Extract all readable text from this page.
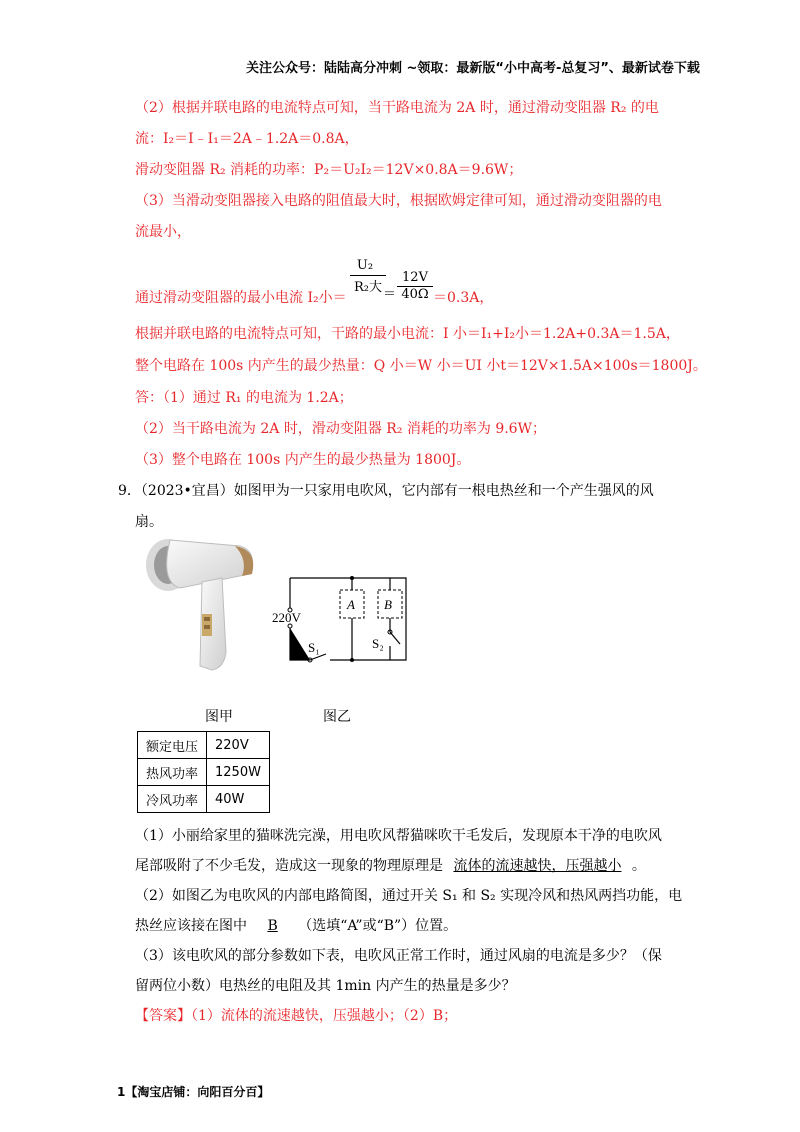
关注公众号：陆陆高分冲刺 ~领取：最新版“小中高考-总复习”、最新试卷下载
（2）根据并联电路的电流特点可知，当干路电流为 2A 时，通过滑动变阻器 R₂ 的电
流：I₂＝I﹣I₁＝2A﹣1.2A＝0.8A，
滑动变阻器 R₂ 消耗的功率：P₂＝U₂I₂＝12V×0.8A＝9.6W；
（3）当滑动变阻器接入电路的阻值最大时，根据欧姆定律可知，通过滑动变阻器的电
流最小，
通过滑动变阻器的最小电流 I₂小＝
U₂
R₂大 ＝
12V
40Ω ＝0.3A，
根据并联电路的电流特点可知，干路的最小电流：I 小＝I₁+I₂小＝1.2A+0.3A＝1.5A，
整个电路在 100s 内产生的最少热量：Q 小＝W 小＝UI 小t＝12V×1.5A×100s＝1800J。
答：（1）通过 R₁ 的电流为 1.2A；
（2）当干路电流为 2A 时，滑动变阻器 R₂ 消耗的功率为 9.6W；
（3）整个电路在 100s 内产生的最少热量为 1800J。
9．（2023•宜昌）如图甲为一只家用电吹风，它内部有一根电热丝和一个产生强风的风
扇。
220V
A B
S₁	S₂
图甲	图乙
额定电压	220V
热风功率	1250W
冷风功率	40W
（1）小丽给家里的猫咪洗完澡，用电吹风帮猫咪吹干毛发后，发现原本干净的电吹风
尾部吸附了不少毛发，造成这一现象的物理原理是 流体的流速越快，压强越小 。
（2）如图乙为电吹风的内部电路简图，通过开关 S₁ 和 S₂ 实现冷风和热风两挡功能，电
热丝应该接在图中 B （选填“A”或“B”）位置。
（3）该电吹风的部分参数如下表，电吹风正常工作时，通过风扇的电流是多少？（保
留两位小数）电热丝的电阻及其 1min 内产生的热量是多少？
【答案】（1）流体的流速越快，压强越小；（2）B；
1【淘宝店铺：向阳百分百】
